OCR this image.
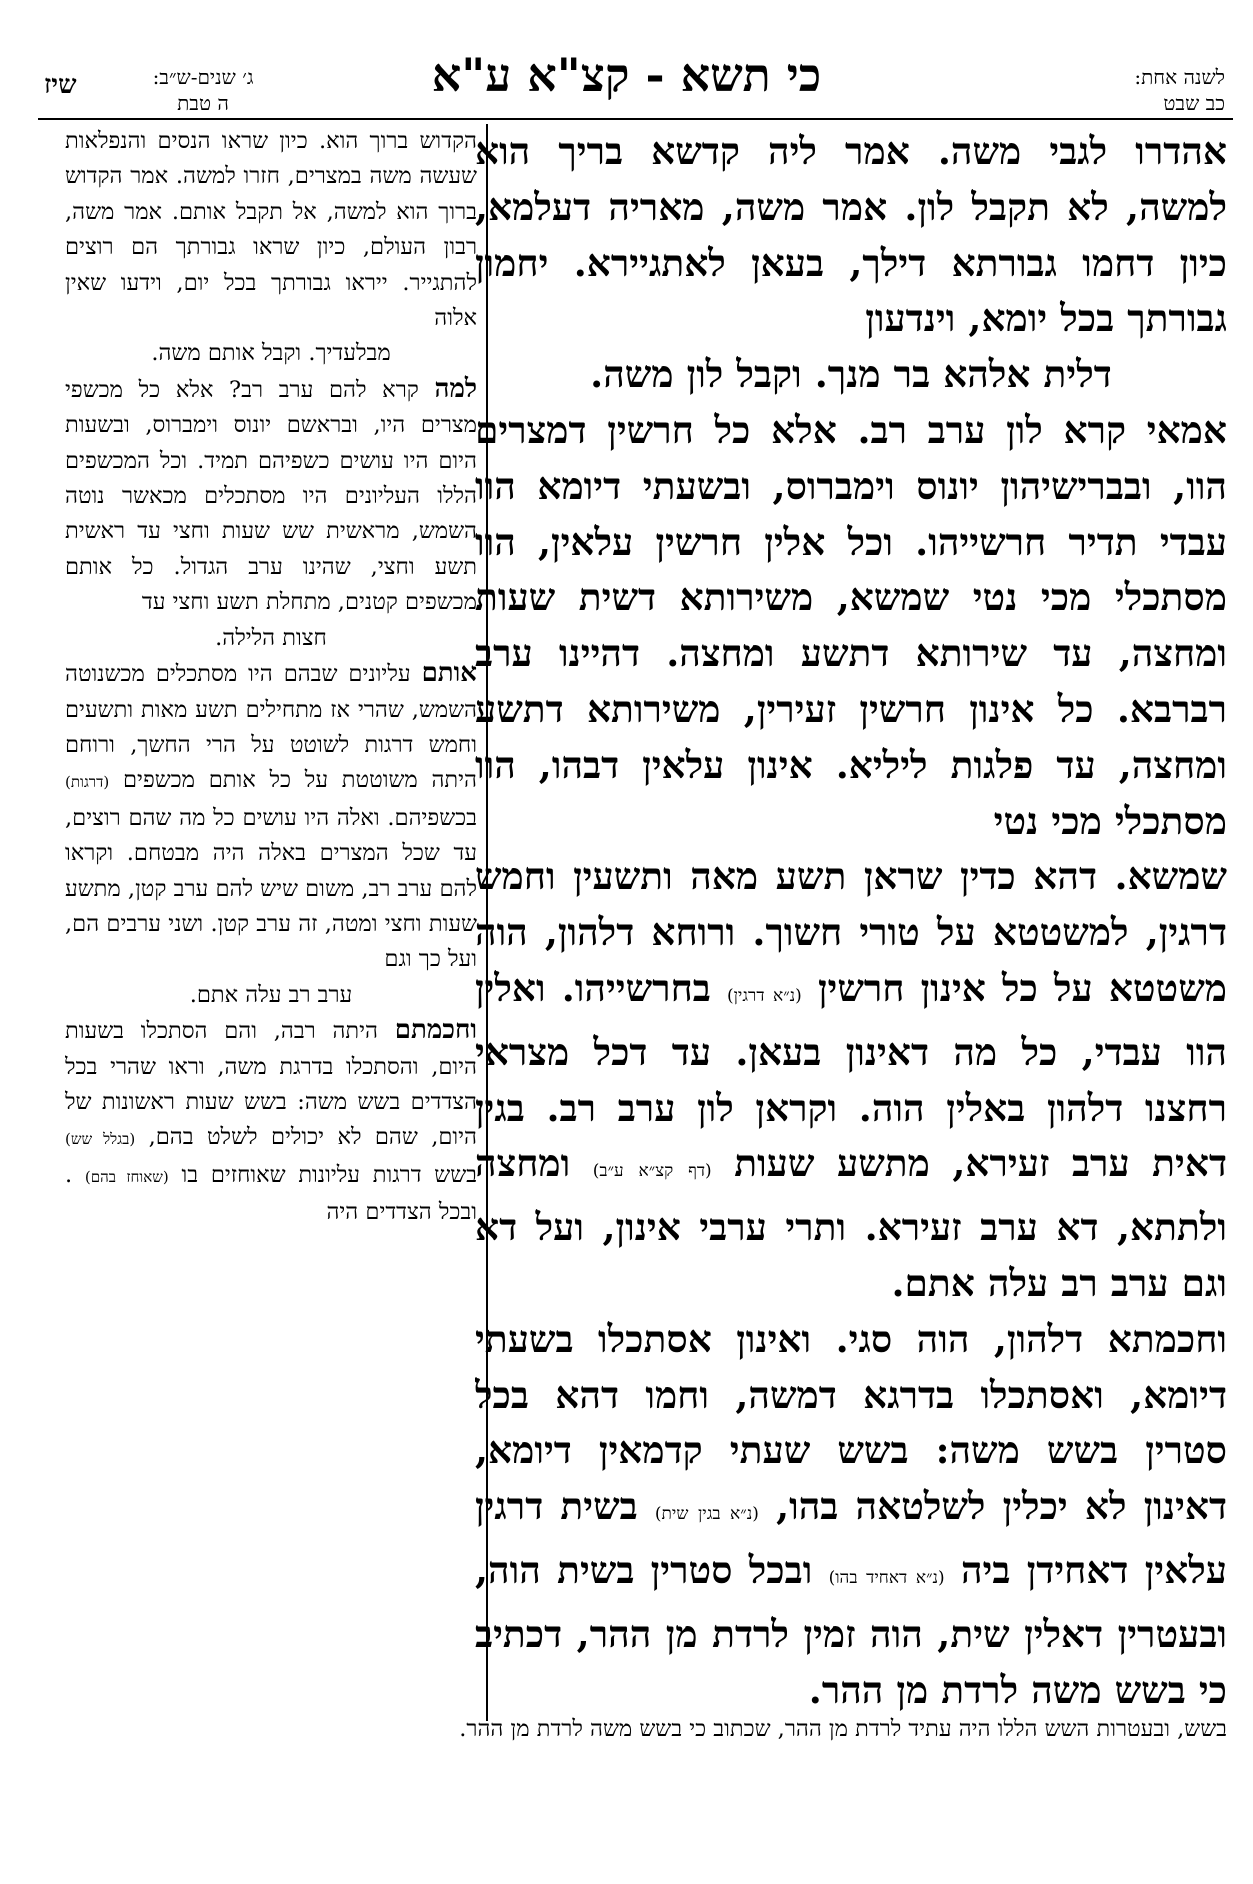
לשנה אחת:
כב שבט
כי תשא - קצ"א ע"א
ג׳ שנים-ש״ב:
ה טבת
שיז

אהדרו לגבי משה. אמר ליה קדשא בריך הוא למשה, לא תקבל לון. אמר משה, מאריה דעלמא, כיון דחמו גבורתא דילך, בעאן לאתגיירא. יחמון גבורתך בכל יומא, וינדעון

דלית אלהא בר מנך. וקבל לון משה.

אמאי קרא לון ערב רב. אלא כל חרשין דמצרים הוו, ובברישיהון יונוס וימברוס, ובשעתי דיומא הוו עבדי תדיר חרשייהו. וכל אלין חרשין עלאין, הוו מסתכלי מכי נטי שמשא, משירותא דשית שעות ומחצה, עד שירותא דתשע ומחצה. דהיינו ערב רברבא. כל אינון חרשין זעירין, משירותא דתשע ומחצה, עד פלגות ליליא. אינון עלאין דבהו, הוו מסתכלי מכי נטי

שמשא. דהא כדין שראן תשע מאה ותשעין וחמש דרגין, למשטטא על טורי חשוך. ורוחא דלהון, הוה משטטא על כל אינון חרשין (נ״א דרגין) בחרשייהו. ואלין הוו עבדי, כל מה דאינון בעאן. עד דכל מצראי רחצנו דלהון באלין הוה. וקראן לון ערב רב. בגין דאית ערב זעירא, מתשע שעות (דף קצ״א ע״ב) ומחצה ולתתא, דא ערב זעירא. ותרי ערבי אינון, ועל דא וגם ערב רב עלה אתם.

וחכמתא דלהון, הוה סגי. ואינון אסתכלו בשעתי דיומא, ואסתכלו בדרגא דמשה, וחמו דהא בכל סטרין בשש משה: בשש שעתי קדמאין דיומא, דאינון לא יכלין לשלטאה בהו, (נ״א בגין שית) בשית דרגין עלאין דאחידן ביה (נ״א דאחיד בהו) ובכל סטרין בשית הוה, ובעטרין דאלין שית, הוה זמין לרדת מן ההר, דכתיב כי בשש משה לרדת מן ההר.

הקדוש ברוך הוא. כיון שראו הנסים והנפלאות שעשה משה במצרים, חזרו למשה. אמר הקדוש ברוך הוא למשה, אל תקבל אותם. אמר משה, רבון העולם, כיון שראו גבורתך הם רוצים להתגייר. ייראו גבורתך בכל יום, וידעו שאין אלוה

מבלעדיך. וקבל אותם משה.

למה קרא להם ערב רב? אלא כל מכשפי מצרים היו, ובראשם יונוס וימברוס, ובשעות היום היו עושים כשפיהם תמיד. וכל המכשפים הללו העליונים היו מסתכלים מכאשר נוטה השמש, מראשית שש שעות וחצי עד ראשית תשע וחצי, שהינו ערב הגדול. כל אותם מכשפים קטנים, מתחלת תשע וחצי עד

חצות הלילה.

אותם עליונים שבהם היו מסתכלים מכשנוטה השמש, שהרי אז מתחילים תשע מאות ותשעים וחמש דרגות לשוטט על הרי החשך, ורוחם היתה משוטטת על כל אותם מכשפים (דרגות) בכשפיהם. ואלה היו עושים כל מה שהם רוצים, עד שכל המצרים באלה היה מבטחם. וקראו להם ערב רב, משום שיש להם ערב קטן, מתשע שעות וחצי ומטה, זה ערב קטן. ושני ערבים הם, ועל כך וגם

ערב רב עלה אתם.

וחכמתם היתה רבה, והם הסתכלו בשעות היום, והסתכלו בדרגת משה, וראו שהרי בכל הצדדים בשש משה: בשש שעות ראשונות של היום, שהם לא יכולים לשלט בהם, (בגלל שש) בשש דרגות עליונות שאוחזים בו (שאוחז בהם) . ובכל הצדדים היה

בשש, ובעטרות השש הללו היה עתיד לרדת מן ההר, שכתוב כי בשש משה לרדת מן ההר.
